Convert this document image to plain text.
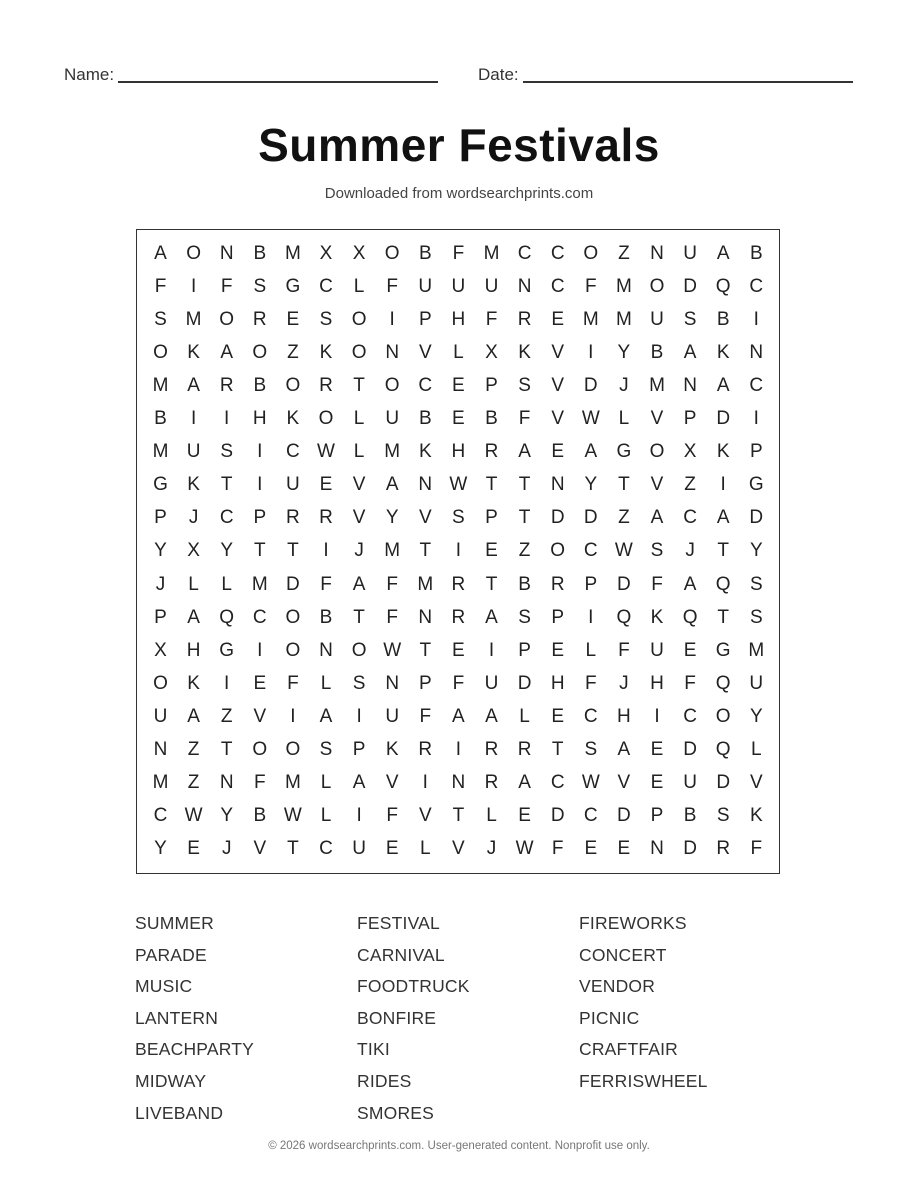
Name:	Date:
Summer Festivals
Downloaded from wordsearchprints.com
A	O N	B M X	X	O	B	F	M C	C O	Z	N	U	A	B
F	I	F	S	G C	L	F	U	U	U	N	C	F	M O D Q C
S M O R	E	S	O	I	P	H	F	R	E M M U	S	B	I
O	K	A	O	Z	K	O N	V	L	X	K	V	I	Y	B	A	K	N
M A	R	B	O R	T	O C	E	P	S	V	D	J	M N	A	C
B	I	I	H	K	O	L	U	B	E	B	F	V W L	V	P	D	I
M U	S	I	C W L	M K	H	R	A	E	A	G O	X	K	P
G	K	T	I	U	E	V	A	N W T	T	N	Y	T	V	Z	I	G
P	J	C	P	R	R	V	Y	V	S	P	T	D	D	Z	A	C	A	D
Y	X	Y	T	T	I	J	M	T	I	E	Z	O C W S	J	T	Y
J	L	L	M D	F	A	F	M R	T	B	R	P	D	F	A	Q	S
P	A	Q C O	B	T	F	N	R	A	S	P	I	Q	K	Q	T	S
X	H G	I	O N O W T	E	I	P	E	L	F	U	E	G M
O	K	I	E	F	L	S	N	P	F	U	D	H	F	J	H	F	Q U
U	A	Z	V	I	A	I	U	F	A	A	L	E	C	H	I	C O	Y
N	Z	T	O O	S	P	K	R	I	R	R	T	S	A	E	D Q	L
M	Z	N	F	M	L	A	V	I	N	R	A	C W V	E	U	D	V
C W Y	B W L	I	F	V	T	L	E	D	C	D	P	B	S	K
Y	E	J	V	T	C	U	E	L	V	J	W F	E	E	N	D	R	F
SUMMER
PARADE
MUSIC
LANTERN
BEACHPARTY
MIDWAY
LIVEBAND
FESTIVAL
CARNIVAL
FOODTRUCK
BONFIRE
TIKI
RIDES
SMORES
FIREWORKS
CONCERT
VENDOR
PICNIC
CRAFTFAIR
FERRISWHEEL
© 2026 wordsearchprints.com. User-generated content. Nonprofit use only.
